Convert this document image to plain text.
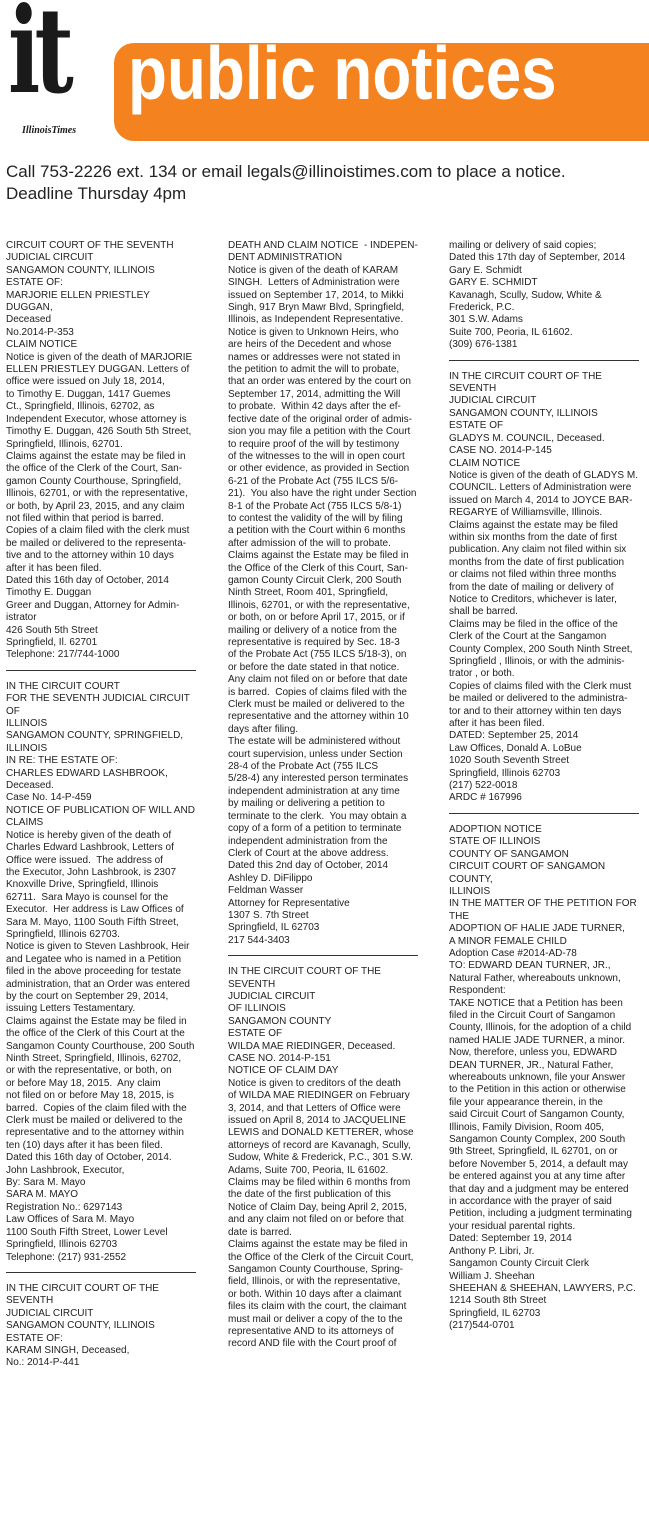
it
IllinoisTimes
public notices
Call 753-2226 ext. 134 or email legals@illinoistimes.com to place a notice.
Deadline Thursday 4pm

CIRCUIT COURT OF THE SEVENTH

JUDICIAL CIRCUIT

SANGAMON COUNTY, ILLINOIS

ESTATE OF:

MARJORIE ELLEN PRIESTLEY DUGGAN,

Deceased

No.2014-P-353

CLAIM NOTICE

Notice is given of the death of MARJORIE

ELLEN PRIESTLEY DUGGAN. Letters of

office were issued on July 18, 2014,

to Timothy E. Duggan, 1417 Guemes

Ct., Springfield, Illinois, 62702, as

Independent Executor, whose attorney is

Timothy E. Duggan, 426 South 5th Street,

Springfield, Illinois, 62701.

Claims against the estate may be filed in

the office of the Clerk of the Court, San-

gamon County Courthouse, Springfield,

Illinois, 62701, or with the representative,

or both, by April 23, 2015, and any claim

not filed within that period is barred.

Copies of a claim filed with the clerk must

be mailed or delivered to the representa-

tive and to the attorney within 10 days

after it has been filed.

Dated this 16th day of October, 2014

Timothy E. Duggan

Greer and Duggan, Attorney for Admin-

istrator

426 South 5th Street

Springfield, Il. 62701

Telephone: 217/744-1000

IN THE CIRCUIT COURT

FOR THE SEVENTH JUDICIAL CIRCUIT OF

ILLINOIS

SANGAMON COUNTY, SPRINGFIELD,

ILLINOIS

IN RE: THE ESTATE OF:

CHARLES EDWARD LASHBROOK,

Deceased.

Case No. 14-P-459

NOTICE OF PUBLICATION OF WILL AND

CLAIMS

Notice is hereby given of the death of

Charles Edward Lashbrook, Letters of

Office were issued.  The address of

the Executor, John Lashbrook, is 2307

Knoxville Drive, Springfield, Illinois

62711.  Sara Mayo is counsel for the

Executor.  Her address is Law Offices of

Sara M. Mayo, 1100 South Fifth Street,

Springfield, Illinois 62703.

Notice is given to Steven Lashbrook, Heir

and Legatee who is named in a Petition

filed in the above proceeding for testate

administration, that an Order was entered

by the court on September 29, 2014,

issuing Letters Testamentary.

Claims against the Estate may be filed in

the office of the Clerk of this Court at the

Sangamon County Courthouse, 200 South

Ninth Street, Springfield, Illinois, 62702,

or with the representative, or both, on

or before May 18, 2015.  Any claim

not filed on or before May 18, 2015, is

barred.  Copies of the claim filed with the

Clerk must be mailed or delivered to the

representative and to the attorney within

ten (10) days after it has been filed.

Dated this 16th day of October, 2014.

John Lashbrook, Executor,

By: Sara M. Mayo

SARA M. MAYO

Registration No.: 6297143

Law Offices of Sara M. Mayo

1100 South Fifth Street, Lower Level

Springfield, Illinois 62703

Telephone: (217) 931-2552

IN THE CIRCUIT COURT OF THE SEVENTH

JUDICIAL CIRCUIT

SANGAMON COUNTY, ILLINOIS

ESTATE OF:

KARAM SINGH, Deceased,

No.: 2014-P-441

DEATH AND CLAIM NOTICE  - INDEPEN-

DENT ADMINISTRATION

Notice is given of the death of KARAM

SINGH.  Letters of Administration were

issued on September 17, 2014, to Mikki

Singh, 917 Bryn Mawr Blvd, Springfield,

Illinois, as Independent Representative.

Notice is given to Unknown Heirs, who

are heirs of the Decedent and whose

names or addresses were not stated in

the petition to admit the will to probate,

that an order was entered by the court on

September 17, 2014, admitting the Will

to probate.  Within 42 days after the ef-

fective date of the original order of admis-

sion you may file a petition with the Court

to require proof of the will by testimony

of the witnesses to the will in open court

or other evidence, as provided in Section

6-21 of the Probate Act (755 ILCS 5/6-

21).  You also have the right under Section

8-1 of the Probate Act (755 ILCS 5/8-1)

to contest the validity of the will by filing

a petition with the Court within 6 months

after admission of the will to probate.

Claims against the Estate may be filed in

the Office of the Clerk of this Court, San-

gamon County Circuit Clerk, 200 South

Ninth Street, Room 401, Springfield,

Illinois, 62701, or with the representative,

or both, on or before April 17, 2015, or if

mailing or delivery of a notice from the

representative is required by Sec. 18-3

of the Probate Act (755 ILCS 5/18-3), on

or before the date stated in that notice.

Any claim not filed on or before that date

is barred.  Copies of claims filed with the

Clerk must be mailed or delivered to the

representative and the attorney within 10

days after filing.

The estate will be administered without

court supervision, unless under Section

28-4 of the Probate Act (755 ILCS

5/28-4) any interested person terminates

independent administration at any time

by mailing or delivering a petition to

terminate to the clerk.  You may obtain a

copy of a form of a petition to terminate

independent administration from the

Clerk of Court at the above address.

Dated this 2nd day of October, 2014

Ashley D. DiFilippo

Feldman Wasser

Attorney for Representative

1307 S. 7th Street

Springfield, IL 62703

217 544-3403

IN THE CIRCUIT COURT OF THE SEVENTH

JUDICIAL CIRCUIT

OF ILLINOIS

SANGAMON COUNTY

ESTATE OF

WILDA MAE RIEDINGER, Deceased.

CASE NO. 2014-P-151

NOTICE OF CLAIM DAY

Notice is given to creditors of the death

of WILDA MAE RIEDINGER on February

3, 2014, and that Letters of Office were

issued on April 8, 2014 to JACQUELINE

LEWIS and DONALD KETTERER, whose

attorneys of record are Kavanagh, Scully,

Sudow, White & Frederick, P.C., 301 S.W.

Adams, Suite 700, Peoria, IL 61602.

Claims may be filed within 6 months from

the date of the first publication of this

Notice of Claim Day, being April 2, 2015,

and any claim not filed on or before that

date is barred.

Claims against the estate may be filed in

the Office of the Clerk of the Circuit Court,

Sangamon County Courthouse, Spring-

field, Illinois, or with the representative,

or both. Within 10 days after a claimant

files its claim with the court, the claimant

must mail or deliver a copy of the to the

representative AND to its attorneys of

record AND file with the Court proof of

mailing or delivery of said copies;

Dated this 17th day of September, 2014

Gary E. Schmidt

GARY E. SCHMIDT

Kavanagh, Scully, Sudow, White &

Frederick, P.C.

301 S.W. Adams

Suite 700, Peoria, IL 61602.

(309) 676-1381

IN THE CIRCUIT COURT OF THE SEVENTH

JUDICIAL CIRCUIT

SANGAMON COUNTY, ILLINOIS

ESTATE OF

GLADYS M. COUNCIL, Deceased.

CASE NO. 2014-P-145

CLAIM NOTICE

Notice is given of the death of GLADYS M.

COUNCIL. Letters of Administration were

issued on March 4, 2014 to JOYCE BAR-

REGARYE of Williamsville, Illinois.

Claims against the estate may be filed

within six months from the date of first

publication. Any claim not filed within six

months from the date of first publication

or claims not filed within three months

from the date of mailing or delivery of

Notice to Creditors, whichever is later,

shall be barred.

Claims may be filed in the office of the

Clerk of the Court at the Sangamon

County Complex, 200 South Ninth Street,

Springfield , Illinois, or with the adminis-

trator , or both.

Copies of claims filed with the Clerk must

be mailed or delivered to the administra-

tor and to their attorney within ten days

after it has been filed.

DATED: September 25, 2014

Law Offices, Donald A. LoBue

1020 South Seventh Street

Springfield, Illinois 62703

(217) 522-0018

ARDC # 167996

ADOPTION NOTICE

STATE OF ILLINOIS

COUNTY OF SANGAMON

CIRCUIT COURT OF SANGAMON COUNTY,

ILLINOIS

IN THE MATTER OF THE PETITION FOR

THE

ADOPTION OF HALIE JADE TURNER,

A MINOR FEMALE CHILD

Adoption Case #2014-AD-78

TO: EDWARD DEAN TURNER, JR.,

Natural Father, whereabouts unknown,

Respondent:

TAKE NOTICE that a Petition has been

filed in the Circuit Court of Sangamon

County, Illinois, for the adoption of a child

named HALIE JADE TURNER, a minor.

Now, therefore, unless you, EDWARD

DEAN TURNER, JR., Natural Father,

whereabouts unknown, file your Answer

to the Petition in this action or otherwise

file your appearance therein, in the

said Circuit Court of Sangamon County,

Illinois, Family Division, Room 405,

Sangamon County Complex, 200 South

9th Street, Springfield, IL 62701, on or

before November 5, 2014, a default may

be entered against you at any time after

that day and a judgment may be entered

in accordance with the prayer of said

Petition, including a judgment terminating

your residual parental rights.

Dated: September 19, 2014

Anthony P. Libri, Jr.

Sangamon County Circuit Clerk

William J. Sheehan

SHEEHAN & SHEEHAN, LAWYERS, P.C.

1214 South 8th Street

Springfield, IL 62703

(217)544-0701
